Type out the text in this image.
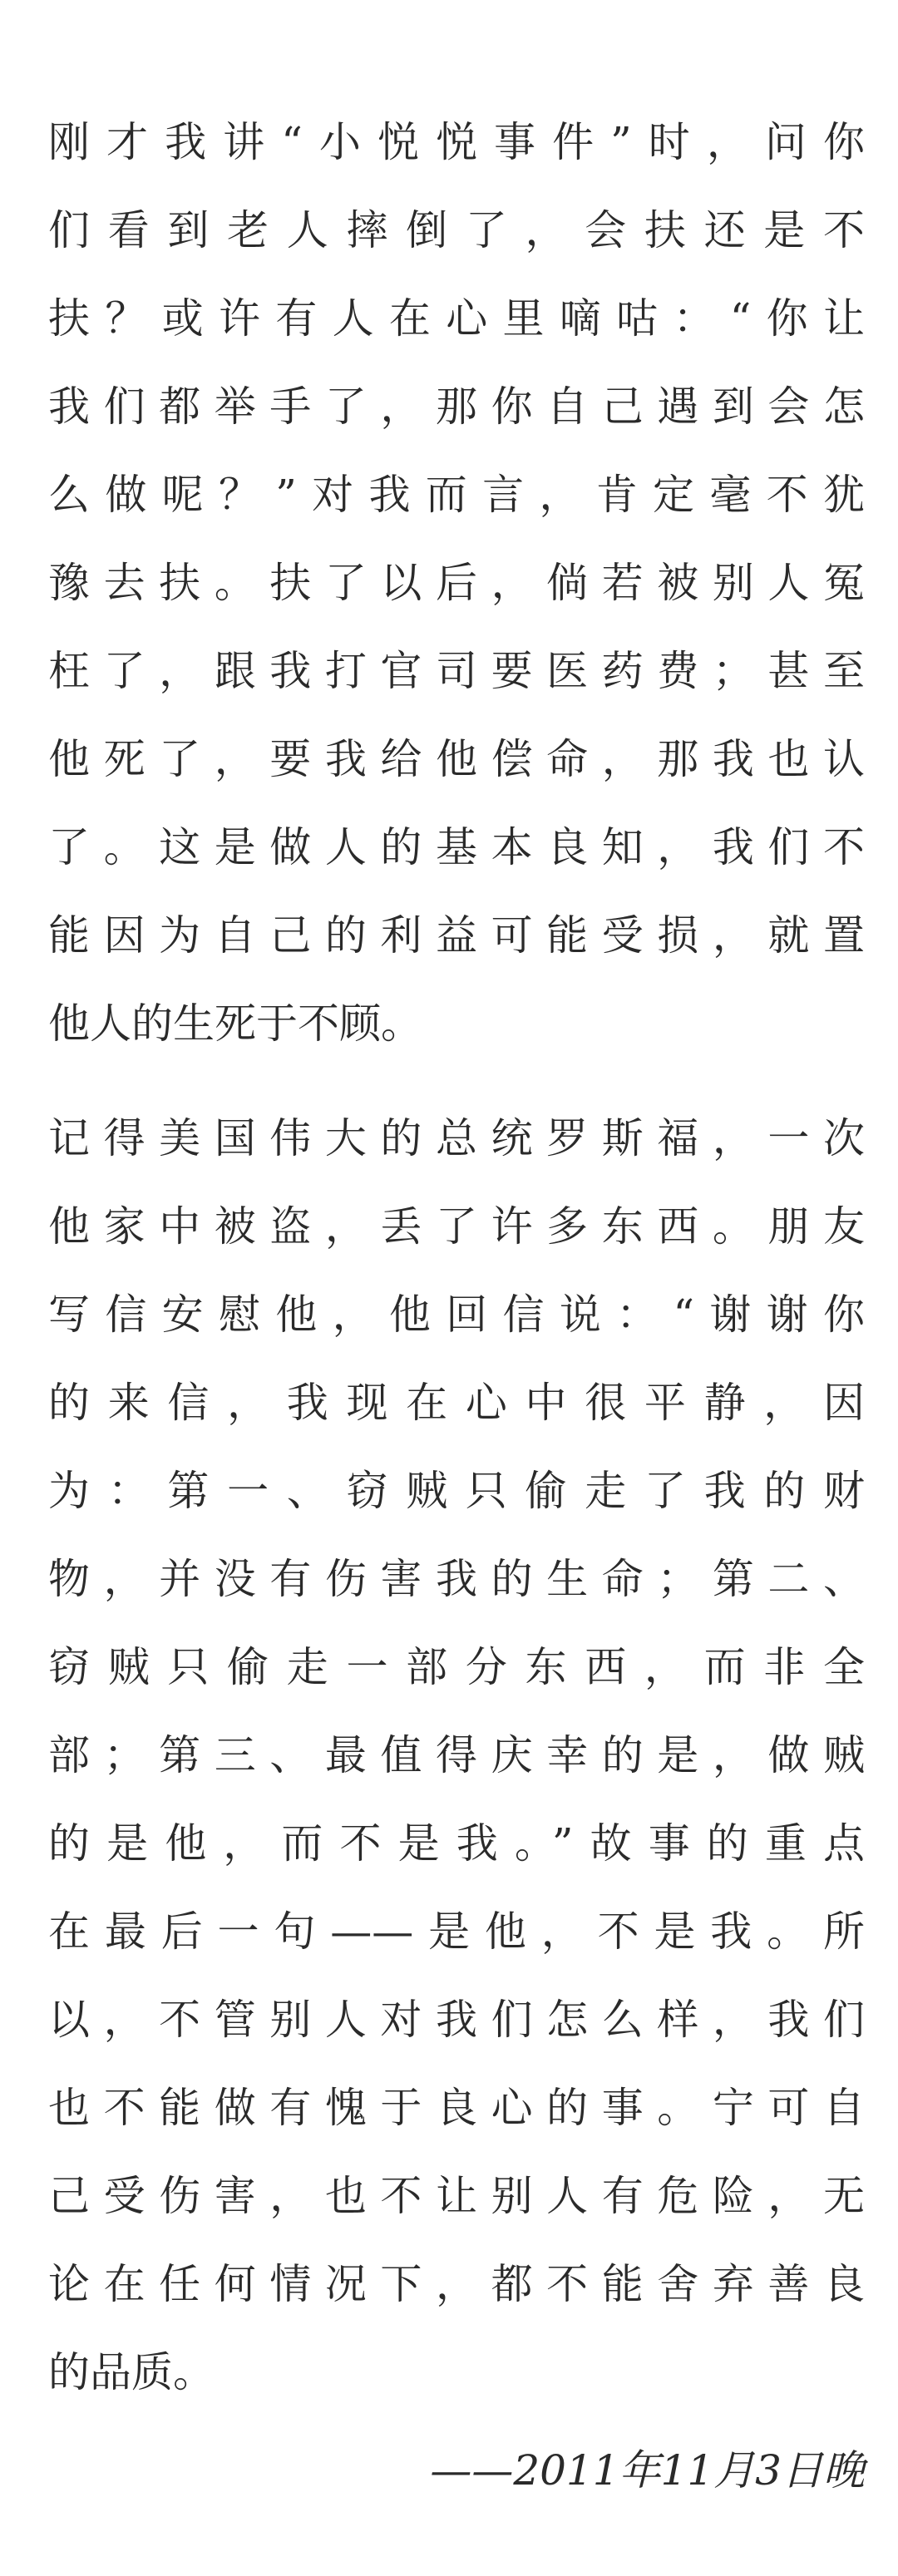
刚才我讲“小悦悦事件”时，问你
们看到老人摔倒了，会扶还是不
扶？或许有人在心里嘀咕：“你让
我们都举手了，那你自己遇到会怎
么做呢？”对我而言，肯定毫不犹
豫去扶。扶了以后，倘若被别人冤
枉了，跟我打官司要医药费；甚至
他死了，要我给他偿命，那我也认
了。这是做人的基本良知，我们不
能因为自己的利益可能受损，就置
他人的生死于不顾。
记得美国伟大的总统罗斯福，一次
他家中被盗，丢了许多东西。朋友
写信安慰他，他回信说：“谢谢你
的来信，我现在心中很平静，因
为：第一、窃贼只偷走了我的财
物，并没有伤害我的生命；第二、
窃贼只偷走一部分东西，而非全
部；第三、最值得庆幸的是，做贼
的是他，而不是我。”故事的重点
在最后一句——是他，不是我。所
以，不管别人对我们怎么样，我们
也不能做有愧于良心的事。宁可自
己受伤害，也不让别人有危险，无
论在任何情况下，都不能舍弃善良
的品质。
——2011年11月3日晚
